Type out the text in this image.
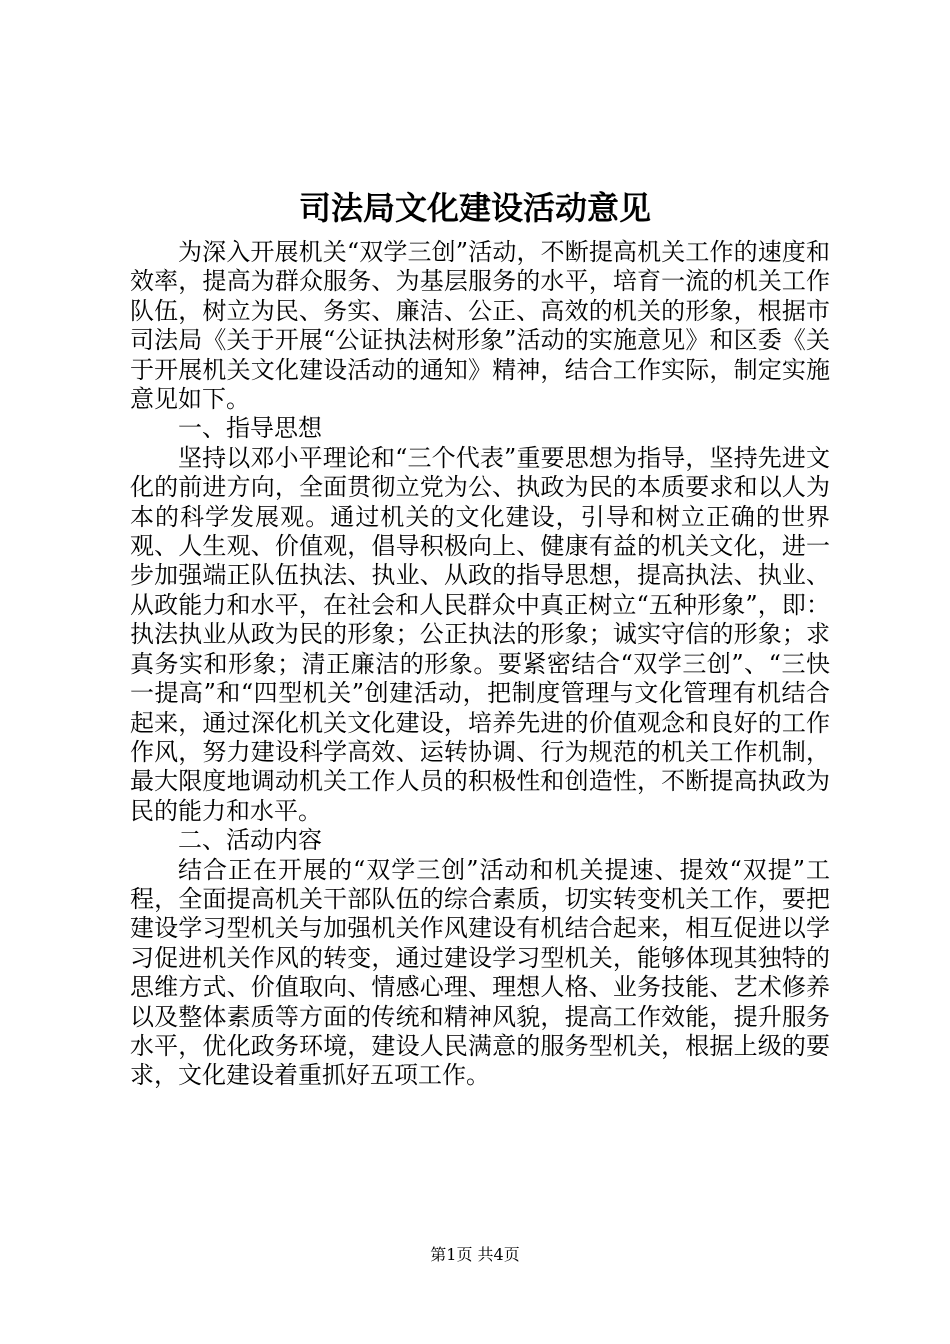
司法局文化建设活动意见

为深入开展机关“双学三创”活动，不断提高机关工作的速度和效率，提高为群众服务、为基层服务的水平，培育一流的机关工作队伍，树立为民、务实、廉洁、公正、高效的机关的形象，根据市司法局《关于开展“公证执法树形象”活动的实施意见》和区委《关于开展机关文化建设活动的通知》精神，结合工作实际，制定实施意见如下。

一、指导思想

坚持以邓小平理论和“三个代表”重要思想为指导，坚持先进文化的前进方向，全面贯彻立党为公、执政为民的本质要求和以人为本的科学发展观。通过机关的文化建设，引导和树立正确的世界观、人生观、价值观，倡导积极向上、健康有益的机关文化，进一步加强端正队伍执法、执业、从政的指导思想，提高执法、执业、从政能力和水平，在社会和人民群众中真正树立“五种形象”，即：执法执业从政为民的形象；公正执法的形象；诚实守信的形象；求真务实和形象；清正廉洁的形象。要紧密结合“双学三创”、“三快一提高”和“四型机关”创建活动，把制度管理与文化管理有机结合起来，通过深化机关文化建设，培养先进的价值观念和良好的工作作风，努力建设科学高效、运转协调、行为规范的机关工作机制，最大限度地调动机关工作人员的积极性和创造性，不断提高执政为民的能力和水平。

二、活动内容

结合正在开展的“双学三创”活动和机关提速、提效“双提”工程，全面提高机关干部队伍的综合素质，切实转变机关工作，要把建设学习型机关与加强机关作风建设有机结合起来，相互促进以学习促进机关作风的转变，通过建设学习型机关，能够体现其独特的思维方式、价值取向、情感心理、理想人格、业务技能、艺术修养以及整体素质等方面的传统和精神风貌，提高工作效能，提升服务水平，优化政务环境，建设人民满意的服务型机关，根据上级的要求，文化建设着重抓好五项工作。

第1页 共4页
